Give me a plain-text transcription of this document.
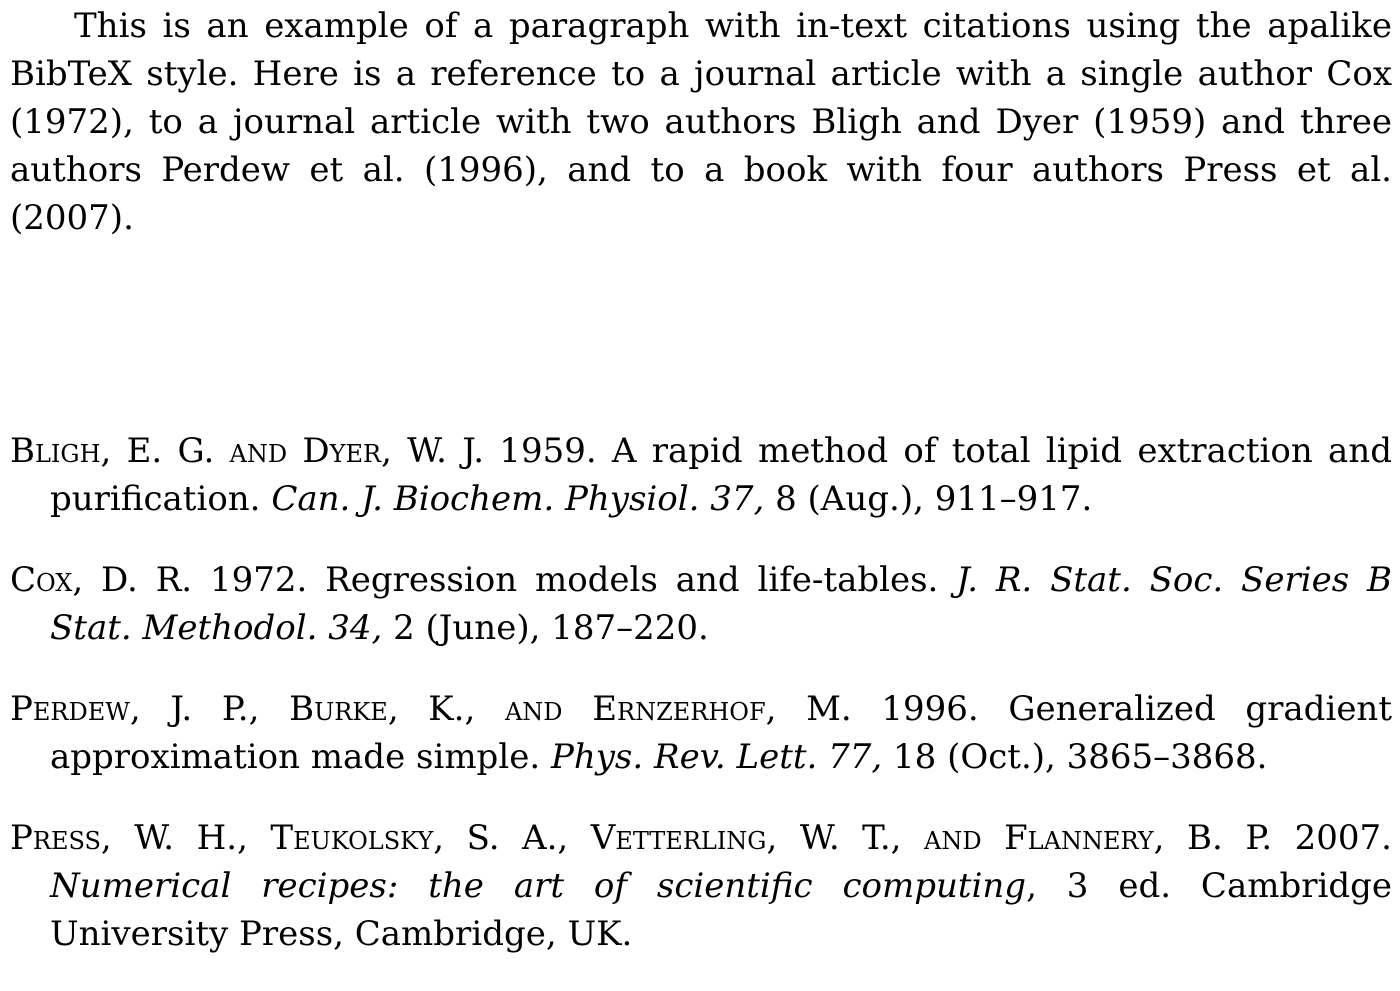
This is an example of a paragraph with in-text citations using the apalike BibTeX style. Here is a reference to a journal article with a single author Cox (1972), to a journal article with two authors Bligh and Dyer (1959) and three authors Perdew et al. (1996), and to a book with four authors Press et al. (2007).

Bligh, E. G. and Dyer, W. J. 1959. A rapid method of total lipid extraction and purification. Can. J. Biochem. Physiol. 37, 8 (Aug.), 911–917.

Cox, D. R. 1972. Regression models and life-tables. J. R. Stat. Soc. Series B Stat. Methodol. 34, 2 (June), 187–220.

Perdew, J. P., Burke, K., and Ernzerhof, M. 1996. Generalized gradient approximation made simple. Phys. Rev. Lett. 77, 18 (Oct.), 3865–3868.

Press, W. H., Teukolsky, S. A., Vetterling, W. T., and Flannery, B. P. 2007. Numerical recipes: the art of scientific computing, 3 ed. Cambridge University Press, Cambridge, UK.
